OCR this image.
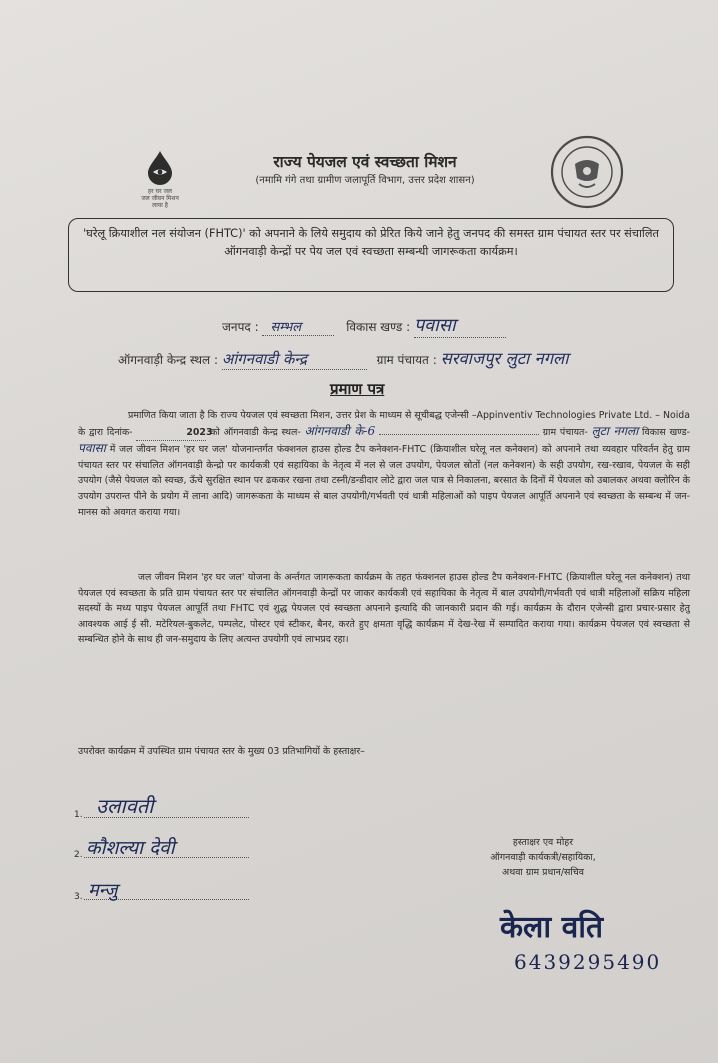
हर घर जल
जल जीवन मिशन
लाया है
राज्य पेयजल एवं स्वच्छता मिशन
(नमामि गंगे तथा ग्रामीण जलापूर्ति विभाग, उत्तर प्रदेश शासन)
'घरेलू क्रियाशील नल संयोजन (FHTC)' को अपनाने के लिये समुदाय को प्रेरित किये जाने हेतु जनपद की समस्त ग्राम पंचायत स्तर पर संचालित ऑगनवाड़ी केन्द्रों पर पेय जल एवं स्वच्छता सम्बन्धी जागरूकता कार्यक्रम।
जनपद : सम्भल	विकास खण्ड : पवासा
ऑगनवाड़ी केन्द्र स्थल : आंगनवाडी केन्द्र	ग्राम पंचायत : सरवाजपुर लुटा नगला
प्रमाण पत्र

प्रमाणित किया जाता है कि राज्य पेयजल एवं स्वच्छता मिशन, उत्तर प्रेश के माध्यम से सूचीबद्ध एजेन्सी –Appinventiv Technologies Private Ltd. – Noida के द्वारा दिनांक-	2023 को ऑगनवाडी केन्द्र स्थल- आंगनवाडी के-6	ग्राम पंचायत- लुटा नगला विकास खण्ड- पवासा में जल जीवन मिशन 'हर घर जल' योजनान्तर्गत फंक्शनल हाउस होल्ड टैप कनेक्शन-FHTC (क्रियाशील घरेलू नल कनेक्शन) को अपनाने तथा व्यवहार परिवर्तन हेतु ग्राम पंचायत स्तर पर संचालित ऑगनवाड़ी केन्द्रो पर कार्यकत्री एवं सहायिका के नेतृत्व में नल से जल उपयोग, पेयजल स्रोतों (नल कनेक्शन) के सही उपयोग, रख-रखाव, पेयजल के सही उपयोग (जैसे पेयजल को स्वच्छ, ऊँचे सुरक्षित स्थान पर ढककर रखना तथा टस्नी/डन्डीदार लोटे द्वारा जल पात्र से निकालना, बरसात के दिनों में पेयजल को उबालकर अथवा क्लोरिन के उपयोग उपरान्त पीने के प्रयोग में लाना आदि) जागरूकता के माध्यम से बाल उपयोगी/गर्भवती एवं धात्री महिलाओं को पाइप पेयजल आपूर्ति अपनाने एवं स्वच्छता के सम्बन्ध में जन-मानस को अवगत कराया गया।

जल जीवन मिशन 'हर घर जल' योजना के अर्न्तगत जागरूकता कार्यक्रम के तहत फंक्शनल हाउस होल्ड टैप कनेक्शन-FHTC (क्रियाशील घरेलू नल कनेक्शन) तथा पेयजल एवं स्वच्छता के प्रति ग्राम पंचायत स्तर पर संचालित ऑगनवाड़ी केन्द्रों पर जाकर कार्यकत्री एवं सहायिका के नेतृत्व में बाल उपयोगी/गर्भवती एवं धात्री महिलाओं सक्रिय महिला सदस्यों के मध्य पाइप पेयजल आपूर्ति तथा FHTC एवं शुद्ध पेयजल एवं स्वच्छता अपनाने इत्यादि की जानकारी प्रदान की गई। कार्यक्रम के दौरान एजेन्सी द्वारा प्रचार-प्रसार हेतु आवश्यक आई ई सी. मटेरियल-बुकलेट, पम्पलेट, पोस्टर एवं स्टीकर, बैनर, करते हुए क्षमता वृद्धि कार्यक्रम में देख-रेख में सम्पादित कराया गया। कार्यक्रम पेयजल एवं स्वच्छता से सम्बन्धित होने के साथ ही जन-समुदाय के लिए अत्यन्त उपयोगी एवं लाभप्रद रहा।

उपरोक्त कार्यक्रम में उपस्थित ग्राम पंचायत स्तर के मुख्य 03 प्रतिभागियों के हस्ताक्षर–
1. उलावती
2. कौशल्या देवी
3. मन्जु
हस्ताक्षर एव मोहर
ऑगनवाड़ी कार्यकत्री/सहायिका,
अथवा ग्राम प्रधान/सचिव
केला वति
6439295490
